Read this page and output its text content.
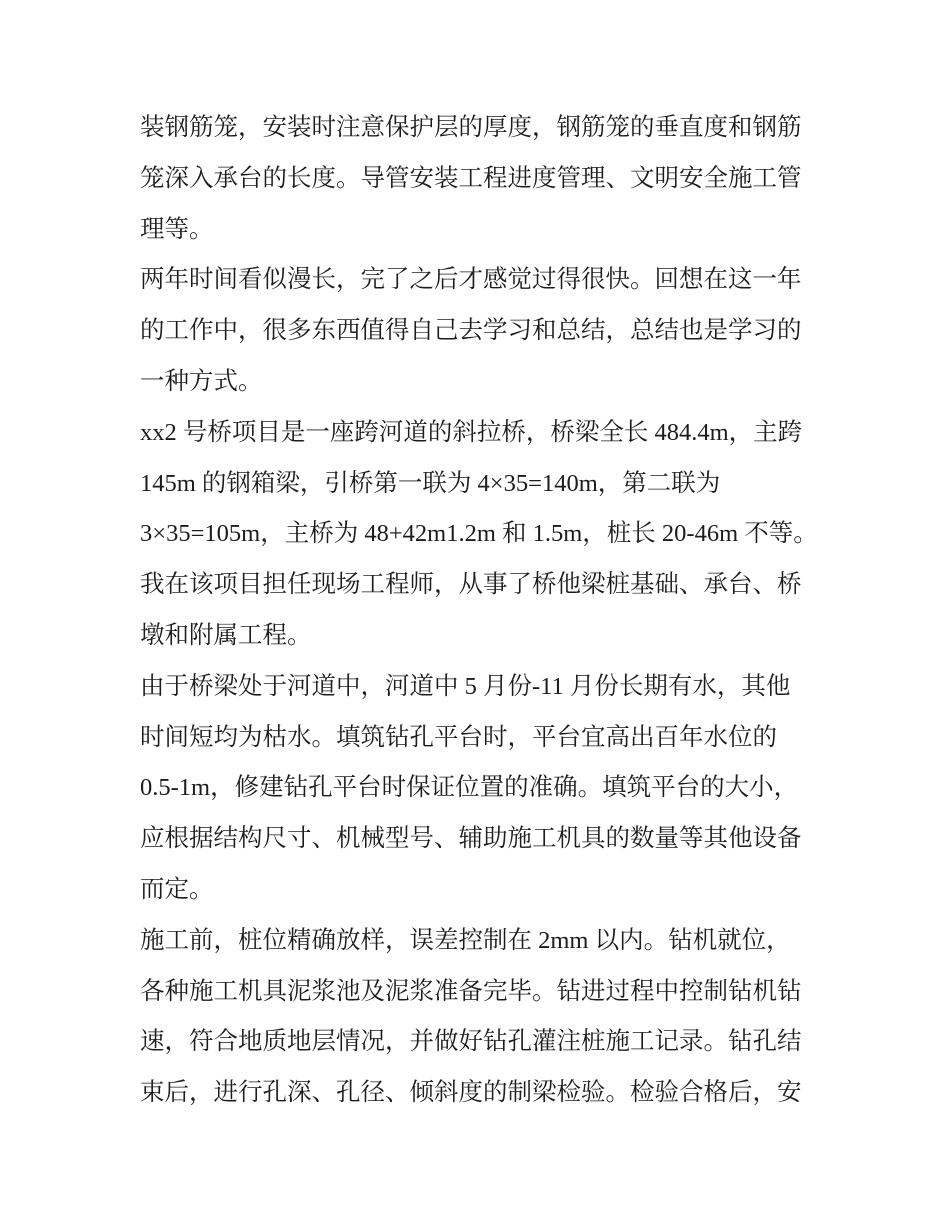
装钢筋笼，安装时注意保护层的厚度，钢筋笼的垂直度和钢筋
笼深入承台的长度。导管安装工程进度管理、文明安全施工管
理等。
两年时间看似漫长，完了之后才感觉过得很快。回想在这一年
的工作中，很多东西值得自己去学习和总结，总结也是学习的
一种方式。
xx2 号桥项目是一座跨河道的斜拉桥，桥梁全长 484.4m，主跨
145m 的钢箱梁，引桥第一联为 4×35=140m，第二联为
3×35=105m，主桥为 48+42m1.2m 和 1.5m，桩长 20-46m 不等。
我在该项目担任现场工程师，从事了桥他梁桩基础、承台、桥
墩和附属工程。
由于桥梁处于河道中，河道中 5 月份-11 月份长期有水，其他
时间短均为枯水。填筑钻孔平台时，平台宜高出百年水位的
0.5-1m，修建钻孔平台时保证位置的准确。填筑平台的大小，
应根据结构尺寸、机械型号、辅助施工机具的数量等其他设备
而定。
施工前，桩位精确放样，误差控制在 2mm 以内。钻机就位，
各种施工机具泥浆池及泥浆准备完毕。钻进过程中控制钻机钻
速，符合地质地层情况，并做好钻孔灌注桩施工记录。钻孔结
束后，进行孔深、孔径、倾斜度的制梁检验。检验合格后，安
